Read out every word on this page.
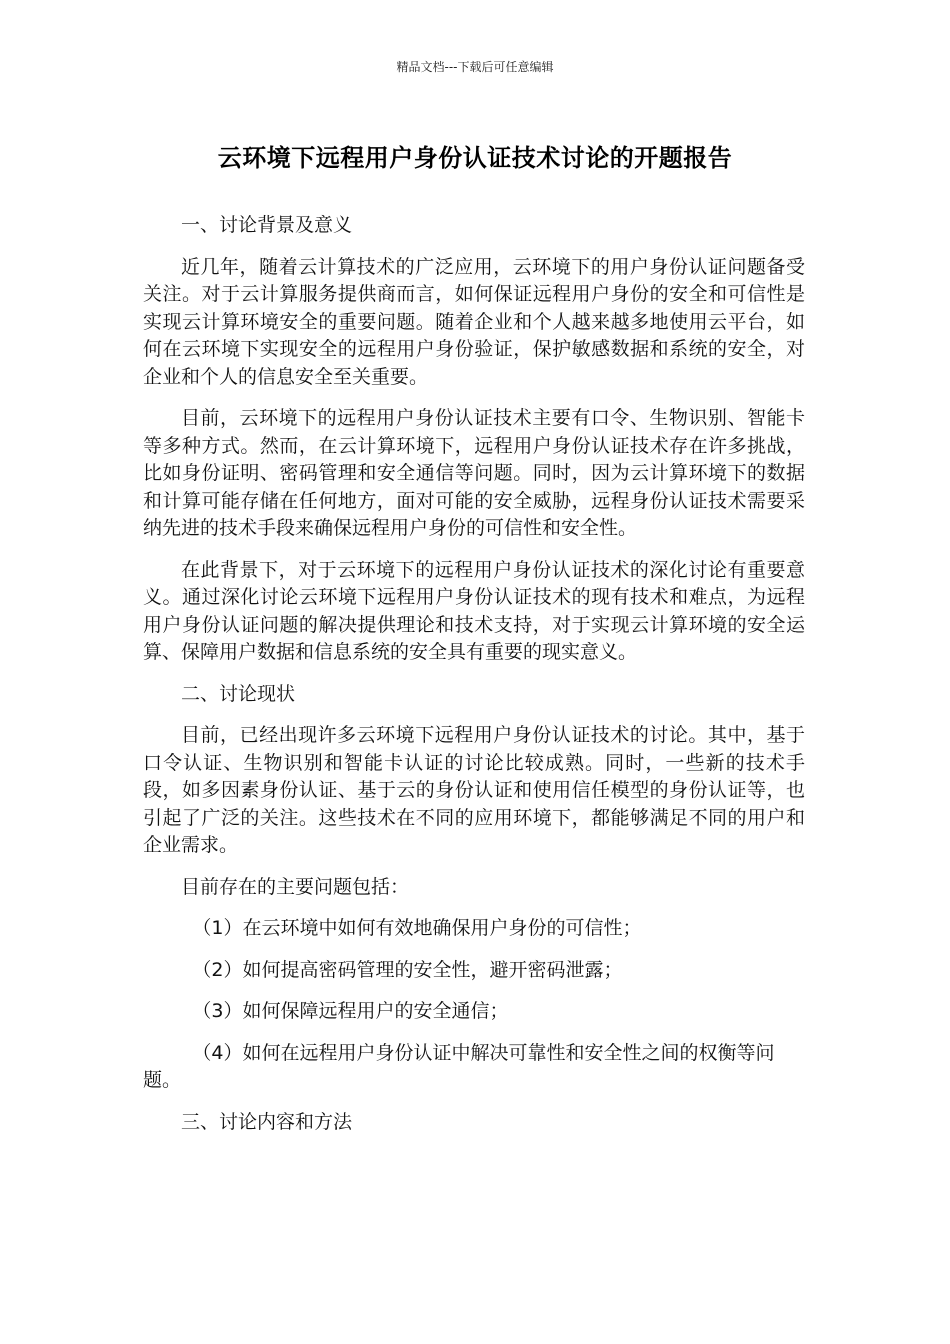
精品文档---下载后可任意编辑
云环境下远程用户身份认证技术讨论的开题报告
一、讨论背景及意义
近几年，随着云计算技术的广泛应用，云环境下的用户身份认证问题备受关注。对于云计算服务提供商而言，如何保证远程用户身份的安全和可信性是实现云计算环境安全的重要问题。随着企业和个人越来越多地使用云平台，如何在云环境下实现安全的远程用户身份验证，保护敏感数据和系统的安全，对企业和个人的信息安全至关重要。
目前，云环境下的远程用户身份认证技术主要有口令、生物识别、智能卡等多种方式。然而，在云计算环境下，远程用户身份认证技术存在许多挑战，比如身份证明、密码管理和安全通信等问题。同时，因为云计算环境下的数据和计算可能存储在任何地方，面对可能的安全威胁，远程身份认证技术需要采纳先进的技术手段来确保远程用户身份的可信性和安全性。
在此背景下，对于云环境下的远程用户身份认证技术的深化讨论有重要意义。通过深化讨论云环境下远程用户身份认证技术的现有技术和难点，为远程用户身份认证问题的解决提供理论和技术支持，对于实现云计算环境的安全运算、保障用户数据和信息系统的安全具有重要的现实意义。
二、讨论现状
目前，已经出现许多云环境下远程用户身份认证技术的讨论。其中，基于口令认证、生物识别和智能卡认证的讨论比较成熟。同时，一些新的技术手段，如多因素身份认证、基于云的身份认证和使用信任模型的身份认证等，也引起了广泛的关注。这些技术在不同的应用环境下，都能够满足不同的用户和企业需求。
目前存在的主要问题包括：
（1）在云环境中如何有效地确保用户身份的可信性；
（2）如何提高密码管理的安全性，避开密码泄露；
（3）如何保障远程用户的安全通信；
（4）如何在远程用户身份认证中解决可靠性和安全性之间的权衡等问题。
三、讨论内容和方法
